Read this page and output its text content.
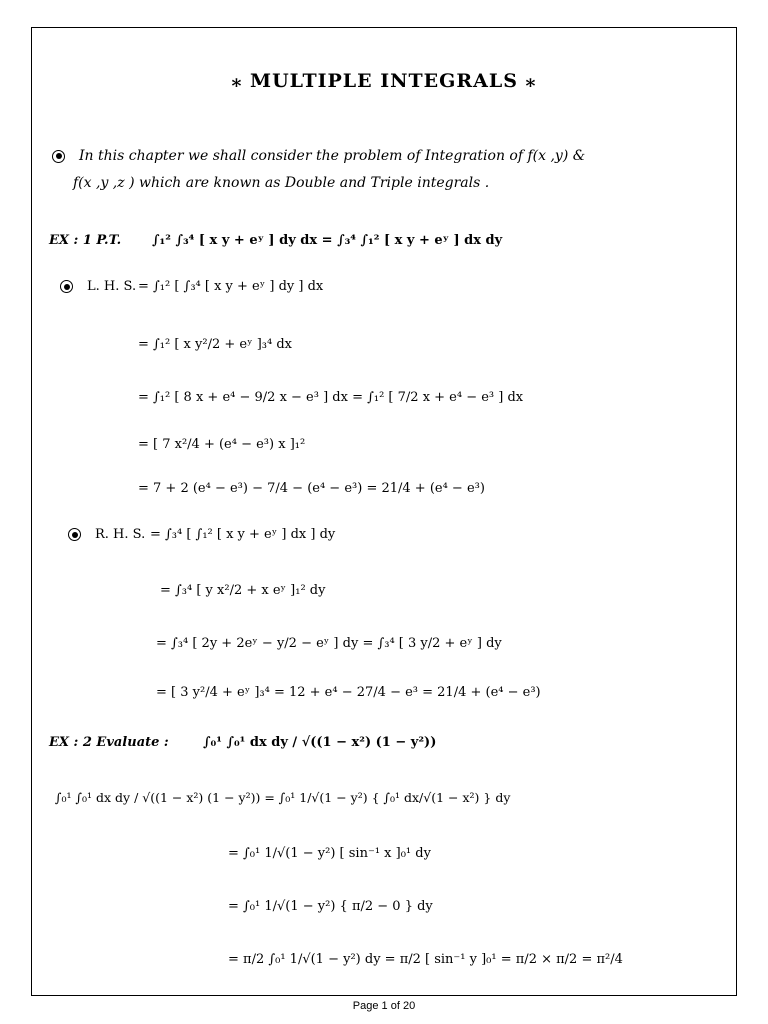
⁎ MULTIPLE INTEGRALS ⁎
In this chapter we shall consider the problem of Integration of f(x ,y) &
f(x ,y ,z ) which are known as Double and Triple integrals .
EX : 1 P.T. ∫₁² ∫₃⁴ [ x y + eʸ ] dy dx = ∫₃⁴ ∫₁² [ x y + eʸ ] dx dy
L. H. S. = ∫₁² [ ∫₃⁴ [ x y + eʸ ] dy ] dx
= ∫₁² [ x y²/2 + eʸ ]₃⁴ dx
= ∫₁² [ 8 x + e⁴ − 9/2 x − e³ ] dx = ∫₁² [ 7/2 x + e⁴ − e³ ] dx
= [ 7 x²/4 + (e⁴ − e³) x ]₁²
= 7 + 2 (e⁴ − e³) − 7/4 − (e⁴ − e³) = 21/4 + (e⁴ − e³)
R. H. S. = ∫₃⁴ [ ∫₁² [ x y + eʸ ] dx ] dy
= ∫₃⁴ [ y x²/2 + x eʸ ]₁² dy
= ∫₃⁴ [ 2y + 2eʸ − y/2 − eʸ ] dy = ∫₃⁴ [ 3 y/2 + eʸ ] dy
= [ 3 y²/4 + eʸ ]₃⁴ = 12 + e⁴ − 27/4 − e³ = 21/4 + (e⁴ − e³)
EX : 2 Evaluate :	∫₀¹ ∫₀¹ dx dy / √((1 − x²) (1 − y²))
∫₀¹ ∫₀¹ dx dy / √((1 − x²) (1 − y²)) = ∫₀¹ 1/√(1 − y²) { ∫₀¹ dx/√(1 − x²) } dy
= ∫₀¹ 1/√(1 − y²) [ sin⁻¹ x ]₀¹ dy
= ∫₀¹ 1/√(1 − y²) { π/2 − 0 } dy
= π/2 ∫₀¹ 1/√(1 − y²) dy = π/2 [ sin⁻¹ y ]₀¹ = π/2 × π/2 = π²/4
Page 1 of 20
